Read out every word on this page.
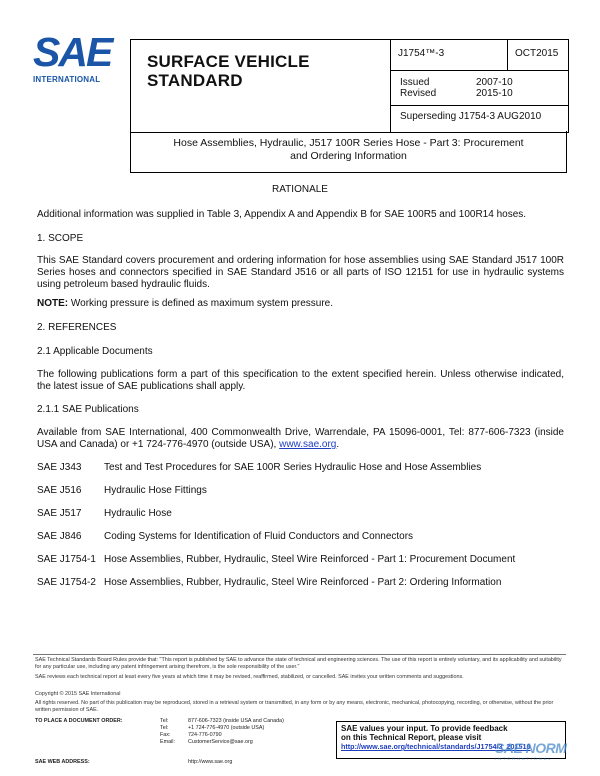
SAE
INTERNATIONAL
SURFACE VEHICLE
STANDARD
J1754™-3	OCT2015
Issued	2007-10
Revised	2015-10
Superseding J1754-3 AUG2010
Hose Assemblies, Hydraulic, J517 100R Series Hose - Part 3: Procurement
and Ordering Information
RATIONALE
Additional information was supplied in Table 3, Appendix A and Appendix B for SAE 100R5 and 100R14 hoses.
1. SCOPE
This SAE Standard covers procurement and ordering information for hose assemblies using SAE Standard J517 100R Series hoses and connectors specified in SAE Standard J516 or all parts of ISO 12151 for use in hydraulic systems using petroleum based hydraulic fluids.
NOTE: Working pressure is defined as maximum system pressure.
2. REFERENCES
2.1 Applicable Documents
The following publications form a part of this specification to the extent specified herein. Unless otherwise indicated, the latest issue of SAE publications shall apply.
2.1.1 SAE Publications
Available from SAE International, 400 Commonwealth Drive, Warrendale, PA 15096-0001, Tel: 877-606-7323 (inside USA and Canada) or +1 724-776-4970 (outside USA), www.sae.org.
SAE J343 Test and Test Procedures for SAE 100R Series Hydraulic Hose and Hose Assemblies
SAE J516 Hydraulic Hose Fittings
SAE J517 Hydraulic Hose
SAE J846 Coding Systems for Identification of Fluid Conductors and Connectors
SAE J1754-1 Hose Assemblies, Rubber, Hydraulic, Steel Wire Reinforced - Part 1: Procurement Document
SAE J1754-2 Hose Assemblies, Rubber, Hydraulic, Steel Wire Reinforced - Part 2: Ordering Information
SAE Technical Standards Board Rules provide that: "This report is published by SAE to advance the state of technical and engineering sciences. The use of this report is entirely voluntary, and its applicability and suitability for any particular use, including any patent infringement arising therefrom, is the sole responsibility of the user."
SAE reviews each technical report at least every five years at which time it may be revised, reaffirmed, stabilized, or cancelled. SAE invites your written comments and suggestions.
Copyright © 2015 SAE International
All rights reserved. No part of this publication may be reproduced, stored in a retrieval system or transmitted, in any form or by any means, electronic, mechanical, photocopying, recording, or otherwise, without the prior written permission of SAE.
TO PLACE A DOCUMENT ORDER:	Tel:	877-606-7323 (inside USA and Canada)
Tel:	+1 724-776-4970 (outside USA)
Fax:	724-776-0790
Email: CustomerService@sae.org
SAE WEB ADDRESS:	http://www.sae.org
SAE values your input. To provide feedback
on this Technical Report, please visit
http://www.sae.org/technical/standards/J1754/3_201510
SAE NORM
INTERNATIONAL
